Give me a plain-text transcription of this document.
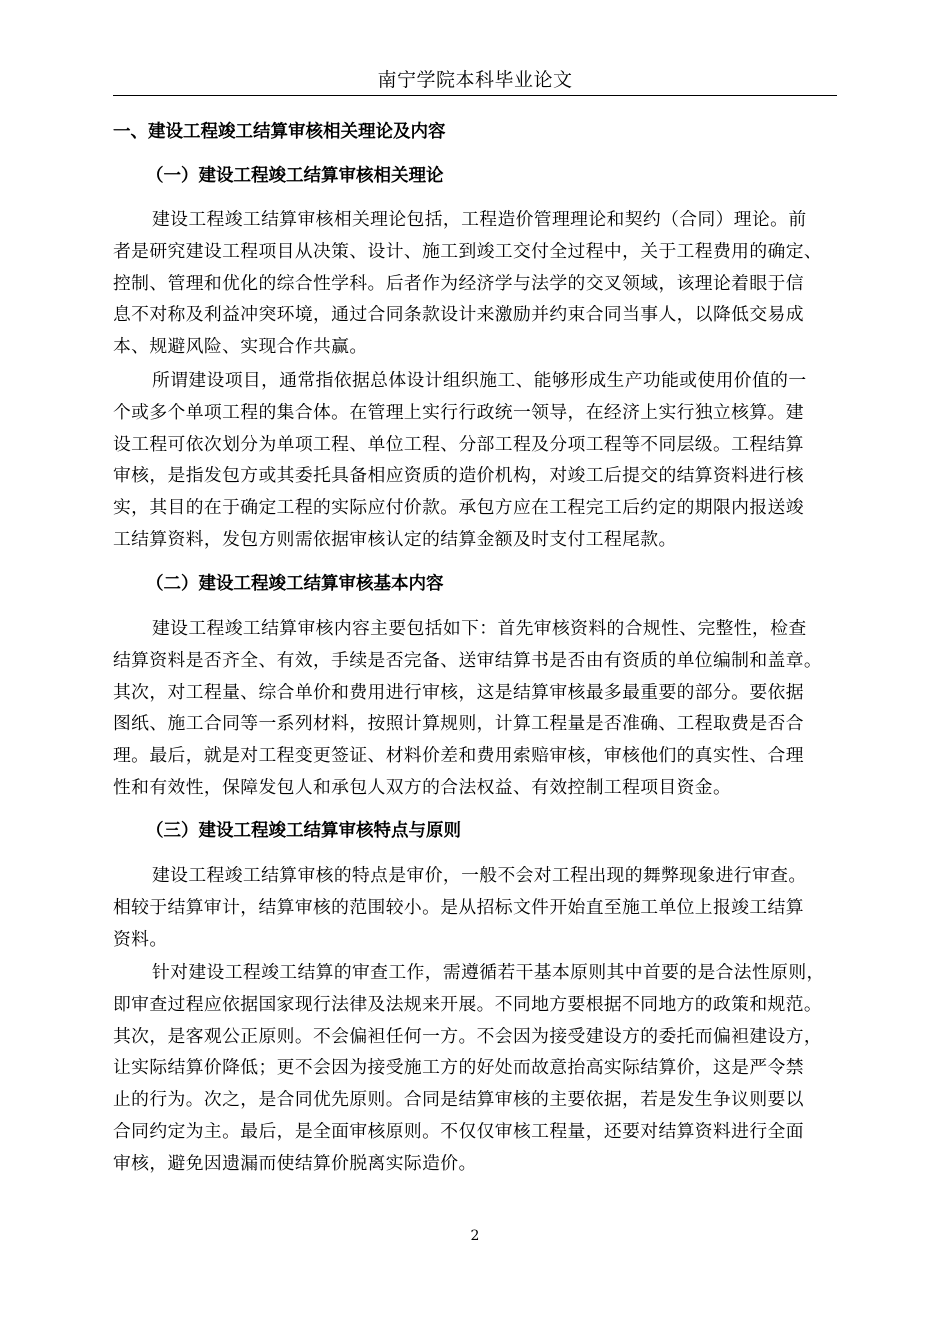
南宁学院本科毕业论文
一、建设工程竣工结算审核相关理论及内容
（一）建设工程竣工结算审核相关理论
建设工程竣工结算审核相关理论包括，工程造价管理理论和契约（合同）理论。前
者是研究建设工程项目从决策、设计、施工到竣工交付全过程中，关于工程费用的确定、
控制、管理和优化的综合性学科。后者作为经济学与法学的交叉领域，该理论着眼于信
息不对称及利益冲突环境，通过合同条款设计来激励并约束合同当事人，以降低交易成
本、规避风险、实现合作共赢。
所谓建设项目，通常指依据总体设计组织施工、能够形成生产功能或使用价值的一
个或多个单项工程的集合体。在管理上实行行政统一领导，在经济上实行独立核算。建
设工程可依次划分为单项工程、单位工程、分部工程及分项工程等不同层级。工程结算
审核，是指发包方或其委托具备相应资质的造价机构，对竣工后提交的结算资料进行核
实，其目的在于确定工程的实际应付价款。承包方应在工程完工后约定的期限内报送竣
工结算资料，发包方则需依据审核认定的结算金额及时支付工程尾款。
（二）建设工程竣工结算审核基本内容
建设工程竣工结算审核内容主要包括如下：首先审核资料的合规性、完整性，检查
结算资料是否齐全、有效，手续是否完备、送审结算书是否由有资质的单位编制和盖章。
其次，对工程量、综合单价和费用进行审核，这是结算审核最多最重要的部分。要依据
图纸、施工合同等一系列材料，按照计算规则，计算工程量是否准确、工程取费是否合
理。最后，就是对工程变更签证、材料价差和费用索赔审核，审核他们的真实性、合理
性和有效性，保障发包人和承包人双方的合法权益、有效控制工程项目资金。
（三）建设工程竣工结算审核特点与原则
建设工程竣工结算审核的特点是审价，一般不会对工程出现的舞弊现象进行审查。
相较于结算审计，结算审核的范围较小。是从招标文件开始直至施工单位上报竣工结算
资料。
针对建设工程竣工结算的审查工作，需遵循若干基本原则其中首要的是合法性原则，
即审查过程应依据国家现行法律及法规来开展。不同地方要根据不同地方的政策和规范。
其次，是客观公正原则。不会偏袒任何一方。不会因为接受建设方的委托而偏袒建设方，
让实际结算价降低；更不会因为接受施工方的好处而故意抬高实际结算价，这是严令禁
止的行为。次之，是合同优先原则。合同是结算审核的主要依据，若是发生争议则要以
合同约定为主。最后，是全面审核原则。不仅仅审核工程量，还要对结算资料进行全面
审核，避免因遗漏而使结算价脱离实际造价。
2
